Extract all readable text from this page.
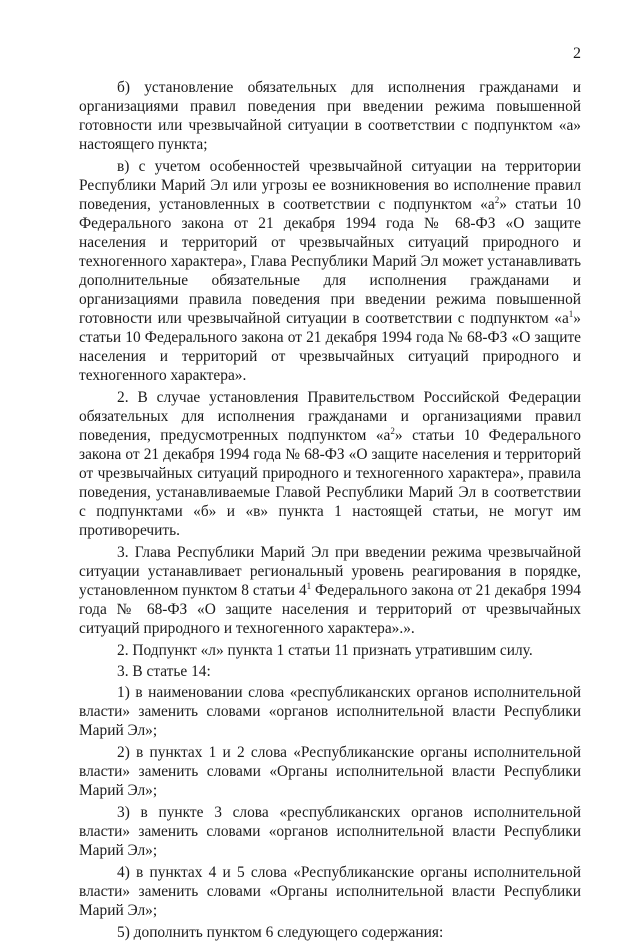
2

б) установление обязательных для исполнения гражданами и организациями правил поведения при введении режима повышенной готовности или чрезвычайной ситуации в соответствии с подпунктом «а» настоящего пункта;

в) с учетом особенностей чрезвычайной ситуации на территории Республики Марий Эл или угрозы ее возникновения во исполнение правил поведения, установленных в соответствии с подпунктом «$а^2$» статьи 10 Федерального закона от 21 декабря 1994 года № 68-ФЗ «О защите населения и территорий от чрезвычайных ситуаций природного и техногенного характера», Глава Республики Марий Эл может устанавливать дополнительные обязательные для исполнения гражданами и организациями правила поведения при введении режима повышенной готовности или чрезвычайной ситуации в соответствии с подпунктом «$а^1$» статьи 10 Федерального закона от 21 декабря 1994 года № 68-ФЗ «О защите населения и территорий от чрезвычайных ситуаций природного и техногенного характера».

2. В случае установления Правительством Российской Федерации обязательных для исполнения гражданами и организациями правил поведения, предусмотренных подпунктом «$а^2$» статьи 10 Федерального закона от 21 декабря 1994 года № 68-ФЗ «О защите населения и территорий от чрезвычайных ситуаций природного и техногенного характера», правила поведения, устанавливаемые Главой Республики Марий Эл в соответствии с подпунктами «б» и «в» пункта 1 настоящей статьи, не могут им противоречить.

3. Глава Республики Марий Эл при введении режима чрезвычайной ситуации устанавливает региональный уровень реагирования в порядке, установленном пунктом 8 статьи $4^1$ Федерального закона от 21 декабря 1994 года № 68-ФЗ «О защите населения и территорий от чрезвычайных ситуаций природного и техногенного характера».».

2. Подпункт «л» пункта 1 статьи 11 признать утратившим силу.

3. В статье 14:

1) в наименовании слова «республиканских органов исполнительной власти» заменить словами «органов исполнительной власти Республики Марий Эл»;

2) в пунктах 1 и 2 слова «Республиканские органы исполнительной власти» заменить словами «Органы исполнительной власти Республики Марий Эл»;

3) в пункте 3 слова «республиканских органов исполнительной власти» заменить словами «органов исполнительной власти Республики Марий Эл»;

4) в пунктах 4 и 5 слова «Республиканские органы исполнительной власти» заменить словами «Органы исполнительной власти Республики Марий Эл»;

5) дополнить пунктом 6 следующего содержания:
